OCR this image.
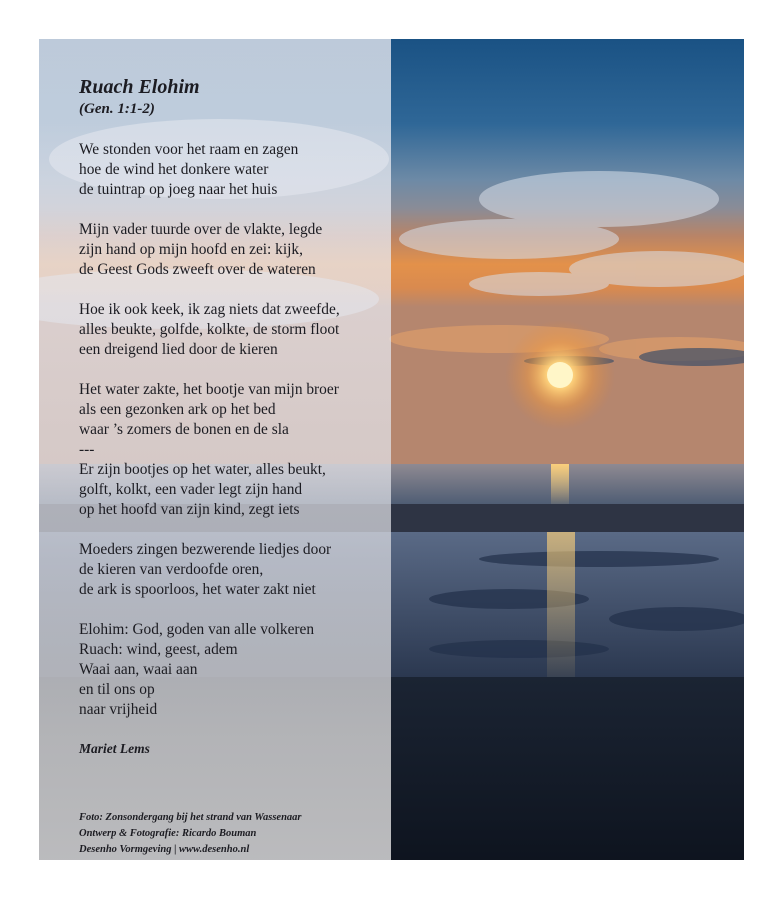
Ruach Elohim
(Gen. 1:1-2)
We stonden voor het raam en zagen
hoe de wind het donkere water
de tuintrap op joeg naar het huis
Mijn vader tuurde over de vlakte, legde
zijn hand op mijn hoofd en zei: kijk,
de Geest Gods zweeft over de wateren
Hoe ik ook keek, ik zag niets dat zweefde,
alles beukte, golfde, kolkte, de storm floot
een dreigend lied door de kieren
Het water zakte, het bootje van mijn broer
als een gezonken ark op het bed
waar ’s zomers de bonen en de sla
---
Er zijn bootjes op het water, alles beukt,
golft, kolkt, een vader legt zijn hand
op het hoofd van zijn kind, zegt iets
Moeders zingen bezwerende liedjes door
de kieren van verdoofde oren,
de ark is spoorloos, het water zakt niet
Elohim: God, goden van alle volkeren
Ruach: wind, geest, adem
Waai aan, waai aan
en til ons op
naar vrijheid
Mariet Lems
Foto: Zonsondergang bij het strand van Wassenaar
Ontwerp & Fotografie: Ricardo Bouman
Desenho Vormgeving | www.desenho.nl
